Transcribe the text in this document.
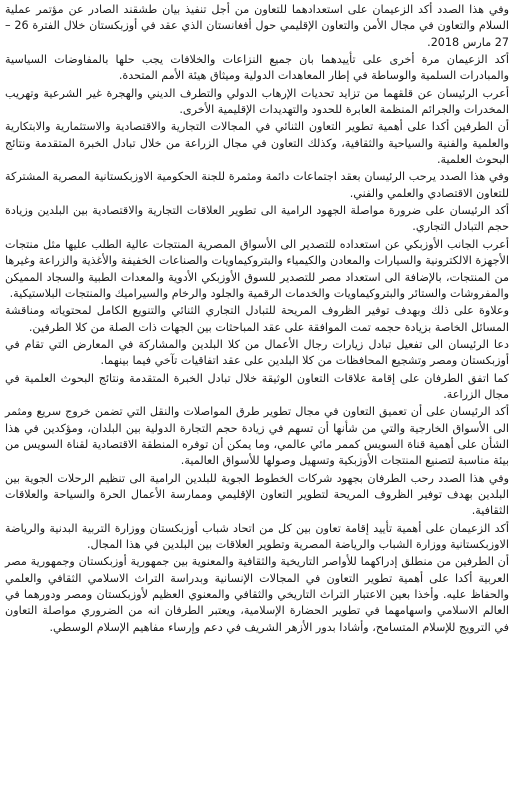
وفي هذا الصدد أكد الزعيمان على استعدادهما للتعاون من أجل تنفيذ بيان طشقند الصادر عن مؤتمر عملية السلام والتعاون في مجال الأمن والتعاون الإقليمي حول أفغانستان الذي عقد في أوزبكستان خلال الفترة 26 – 27 مارس 2018.

أكد الزعيمان مرة أخرى على تأييدهما بان جميع النزاعات والخلافات يجب حلها بالمفاوضات السياسية والمبادرات السلمية والوساطة في إطار المعاهدات الدولية وميثاق هيئة الأمم المتحدة.

أعرب الرئيسان عن قلقهما من تزايد تحديات الإرهاب الدولي والتطرف الديني والهجرة غير الشرعية وتهريب المخدرات والجرائم المنظمة العابرة للحدود والتهديدات الإقليمية الأخرى.

أن الطرفين أكدا على أهمية تطوير التعاون الثنائي في المجالات التجارية والاقتصادية والاستثمارية والابتكارية والعلمية والفنية والسياحية والثقافية، وكذلك التعاون في مجال الزراعة من خلال تبادل الخبرة المتقدمة ونتائج البحوث العلمية.

وفي هذا الصدد يرحب الرئيسان بعقد اجتماعات دائمة ومثمرة للجنة الحكومية الاوزبكستانية المصرية المشتركة للتعاون الاقتصادي والعلمي والفني.

أكد الرئيسان على ضرورة مواصلة الجهود الرامية الى تطوير العلاقات التجارية والاقتصادية بين البلدين وزيادة حجم التبادل التجاري.

أعرب الجانب الأوزبكي عن استعداده للتصدير الى الأسواق المصرية المنتجات عالية الطلب عليها مثل منتجات الأجهزة الالكترونية والسيارات والمعادن والكيمياء والبتروكيماويات والصناعات الخفيفة والأغذية والزراعة وغيرها من المنتجات، بالإضافة الى استعداد مصر للتصدير للسوق الأوزبكي الأدوية والمعدات الطبية والسجاد المميكن والمفروشات والستائر والبتروكيماويات والخدمات الرقمية والجلود والرخام والسيراميك والمنتجات البلاستيكية.

وعلاوة على ذلك وبهدف توفير الظروف المريحة للتبادل التجاري الثنائي والتنويع الكامل لمحتوياته ومناقشة المسائل الخاصة بزيادة حجمه تمت الموافقة على عقد المباحثات بين الجهات ذات الصلة من كلا الطرفين.

دعا الرئيسان الى تفعيل تبادل زيارات رجال الأعمال من كلا البلدين والمشاركة في المعارض التي تقام في أوزبكستان ومصر وتشجيع المحافظات من كلا البلدين على عقد اتفاقيات تآخي فيما بينهما.

كما اتفق الطرفان على إقامة علاقات التعاون الوثيقة خلال تبادل الخبرة المتقدمة ونتائج البحوث العلمية في مجال الزراعة.

أكد الرئيسان على أن تعميق التعاون في مجال تطوير طرق المواصلات والنقل التي تضمن خروج سريع ومثمر الى الأسواق الخارجية والتي من شأنها أن تسهم في زيادة حجم التجارة الدولية بين البلدان، ومؤكدين في هذا الشأن على أهمية قناة السويس كممر مائي عالمي، وما يمكن أن توفره المنطقة الاقتصادية لقناة السويس من بيئة مناسبة لتصنيع المنتجات الأوزبكية وتسهيل وصولها للأسواق العالمية.

وفي هذا الصدد رحب الطرفان بجهود شركات الخطوط الجوية للبلدين الرامية الى تنظيم الرحلات الجوية بين البلدين بهدف توفير الظروف المريحة لتطوير التعاون الإقليمي وممارسة الأعمال الحرة والسياحة والعلاقات الثقافية.

أكد الزعيمان على أهمية تأييد إقامة تعاون بين كل من اتحاد شباب أوزبكستان ووزارة التربية البدنية والرياضة الاوزبكستانية ووزارة الشباب والرياضة المصرية وتطوير العلاقات بين البلدين في هذا المجال.

أن الطرفين من منطلق إدراكهما للأواصر التاريخية والثقافية والمعنوية بين جمهورية أوزبكستان وجمهورية مصر العربية أكدا على أهمية تطوير التعاون في المجالات الإنسانية وبدراسة التراث الاسلامي الثقافي والعلمي والحفاظ عليه. وأخذا بعين الاعتبار التراث التاريخي والثقافي والمعنوي العظيم لأوزبكستان ومصر ودورهما في العالم الاسلامي واسهامهما في تطوير الحضارة الإسلامية، ويعتبر الطرفان انه من الضروري مواصلة التعاون في الترويج للإسلام المتسامح، وأشادا بدور الأزهر الشريف في دعم وإرساء مفاهيم الإسلام الوسطي.
